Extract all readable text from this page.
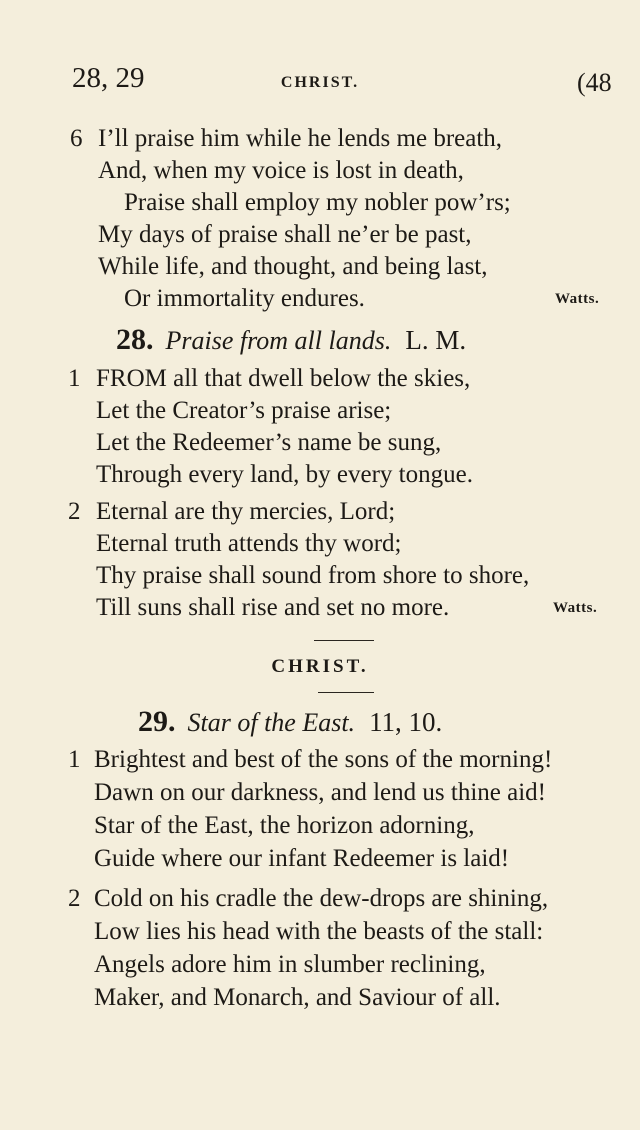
28, 29	CHRIST.	(48
6 I’ll praise him while he lends me breath,
And, when my voice is lost in death,
Praise shall employ my nobler pow’rs;
My days of praise shall ne’er be past,
While life, and thought, and being last,
Or immortality endures.	Watts.
28. Praise from all lands. L. M.
1 FROM all that dwell below the skies,
Let the Creator’s praise arise;
Let the Redeemer’s name be sung,
Through every land, by every tongue.
2 Eternal are thy mercies, Lord;
Eternal truth attends thy word;
Thy praise shall sound from shore to shore,
Till suns shall rise and set no more.	Watts.
CHRIST.
29. Star of the East. 11, 10.
1 Brightest and best of the sons of the morning!
Dawn on our darkness, and lend us thine aid!
Star of the East, the horizon adorning,
Guide where our infant Redeemer is laid!
2 Cold on his cradle the dew-drops are shining,
Low lies his head with the beasts of the stall:
Angels adore him in slumber reclining,
Maker, and Monarch, and Saviour of all.
